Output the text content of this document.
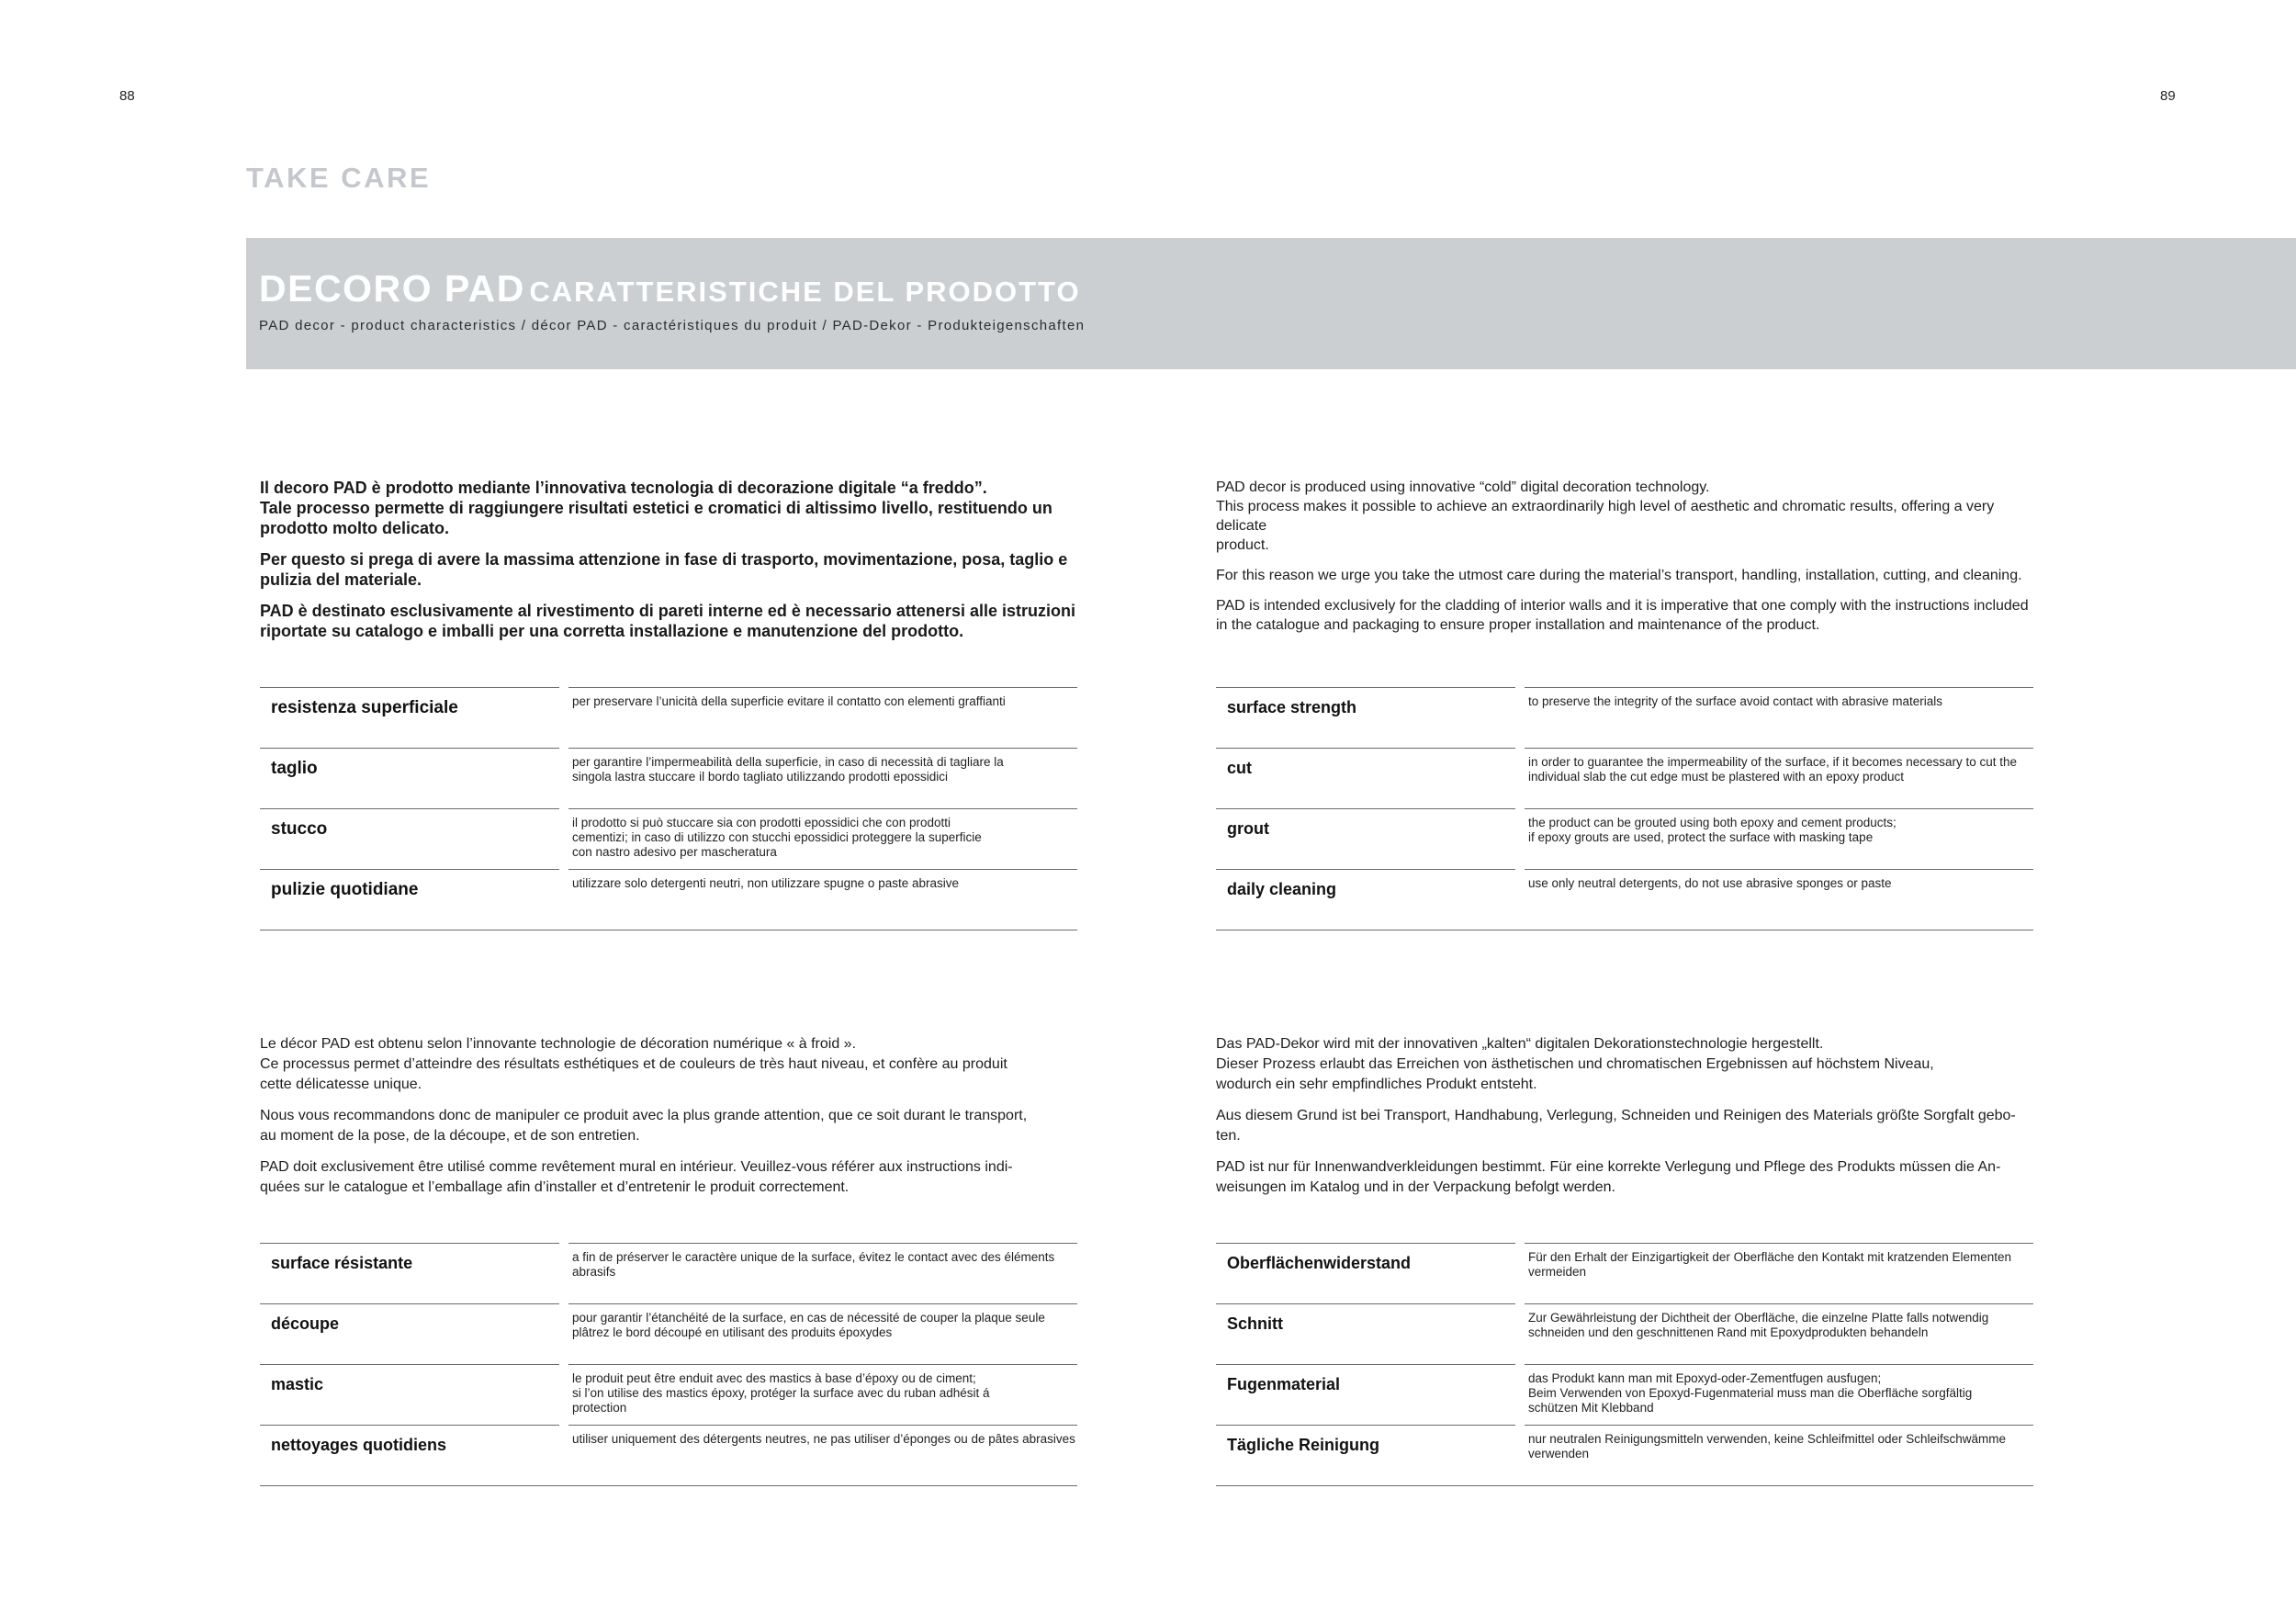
88	89
TAKE CARE
DECORO PAD CARATTERISTICHE DEL PRODOTTO
PAD decor - product characteristics / décor PAD - caractéristiques du produit / PAD-Dekor - Produkteigenschaften

Il decoro PAD è prodotto mediante l’innovativa tecnologia di decorazione digitale “a freddo”.
Tale processo permette di raggiungere risultati estetici e cromatici di altissimo livello, restituendo un
prodotto molto delicato.

Per questo si prega di avere la massima attenzione in fase di trasporto, movimentazione, posa, taglio e
pulizia del materiale.

PAD è destinato esclusivamente al rivestimento di pareti interne ed è necessario attenersi alle istruzioni
riportate su catalogo e imballi per una corretta installazione e manutenzione del prodotto.

resistenza superficiale	per preservare l’unicità della superficie evitare il contatto con elementi graffianti
taglio	per garantire l’impermeabilità della superficie, in caso di necessità di tagliare la
singola lastra stuccare il bordo tagliato utilizzando prodotti epossidici
stucco	il prodotto si può stuccare sia con prodotti epossidici che con prodotti
cementizi; in caso di utilizzo con stucchi epossidici proteggere la superficie
con nastro adesivo per mascheratura
pulizie quotidiane	utilizzare solo detergenti neutri, non utilizzare spugne o paste abrasive

PAD decor is produced using innovative “cold” digital decoration technology.
This process makes it possible to achieve an extraordinarily high level of aesthetic and chromatic results, offering a very delicate
product.

For this reason we urge you take the utmost care during the material’s transport, handling, installation, cutting, and cleaning.

PAD is intended exclusively for the cladding of interior walls and it is imperative that one comply with the instructions included
in the catalogue and packaging to ensure proper installation and maintenance of the product.

surface strength	to preserve the integrity of the surface avoid contact with abrasive materials
cut	in order to guarantee the impermeability of the surface, if it becomes necessary to cut the
individual slab the cut edge must be plastered with an epoxy product
grout	the product can be grouted using both epoxy and cement products;
if epoxy grouts are used, protect the surface with masking tape
daily cleaning	use only neutral detergents, do not use abrasive sponges or paste

Le décor PAD est obtenu selon l’innovante technologie de décoration numérique « à froid ».
Ce processus permet d’atteindre des résultats esthétiques et de couleurs de très haut niveau, et confère au produit
cette délicatesse unique.

Nous vous recommandons donc de manipuler ce produit avec la plus grande attention, que ce soit durant le transport,
au moment de la pose, de la découpe, et de son entretien.

PAD doit exclusivement être utilisé comme revêtement mural en intérieur. Veuillez-vous référer aux instructions indi-
quées sur le catalogue et l’emballage afin d’installer et d’entretenir le produit correctement.

surface résistante	a fin de préserver le caractère unique de la surface, évitez le contact avec des éléments
abrasifs
découpe	pour garantir l’étanchéité de la surface, en cas de nécessité de couper la plaque seule
plâtrez le bord découpé en utilisant des produits époxydes
mastic	le produit peut être enduit avec des mastics à base d’époxy ou de ciment;
si l’on utilise des mastics époxy, protéger la surface avec du ruban adhésit á
protection
nettoyages quotidiens	utiliser uniquement des détergents neutres, ne pas utiliser d’éponges ou de pâtes abrasives

Das PAD-Dekor wird mit der innovativen „kalten“ digitalen Dekorationstechnologie hergestellt.
Dieser Prozess erlaubt das Erreichen von ästhetischen und chromatischen Ergebnissen auf höchstem Niveau,
wodurch ein sehr empfindliches Produkt entsteht.

Aus diesem Grund ist bei Transport, Handhabung, Verlegung, Schneiden und Reinigen des Materials größte Sorgfalt gebo-
ten.

PAD ist nur für Innenwandverkleidungen bestimmt. Für eine korrekte Verlegung und Pflege des Produkts müssen die An-
weisungen im Katalog und in der Verpackung befolgt werden.

Oberflächenwiderstand	Für den Erhalt der Einzigartigkeit der Oberfläche den Kontakt mit kratzenden Elementen
vermeiden
Schnitt	Zur Gewährleistung der Dichtheit der Oberfläche, die einzelne Platte falls notwendig
schneiden und den geschnittenen Rand mit Epoxydprodukten behandeln
Fugenmaterial	das Produkt kann man mit Epoxyd-oder-Zementfugen ausfugen;
Beim Verwenden von Epoxyd-Fugenmaterial muss man die Oberfläche sorgfältig
schützen Mit Klebband
Tägliche Reinigung	nur neutralen Reinigungsmitteln verwenden, keine Schleifmittel oder Schleifschwämme
verwenden
